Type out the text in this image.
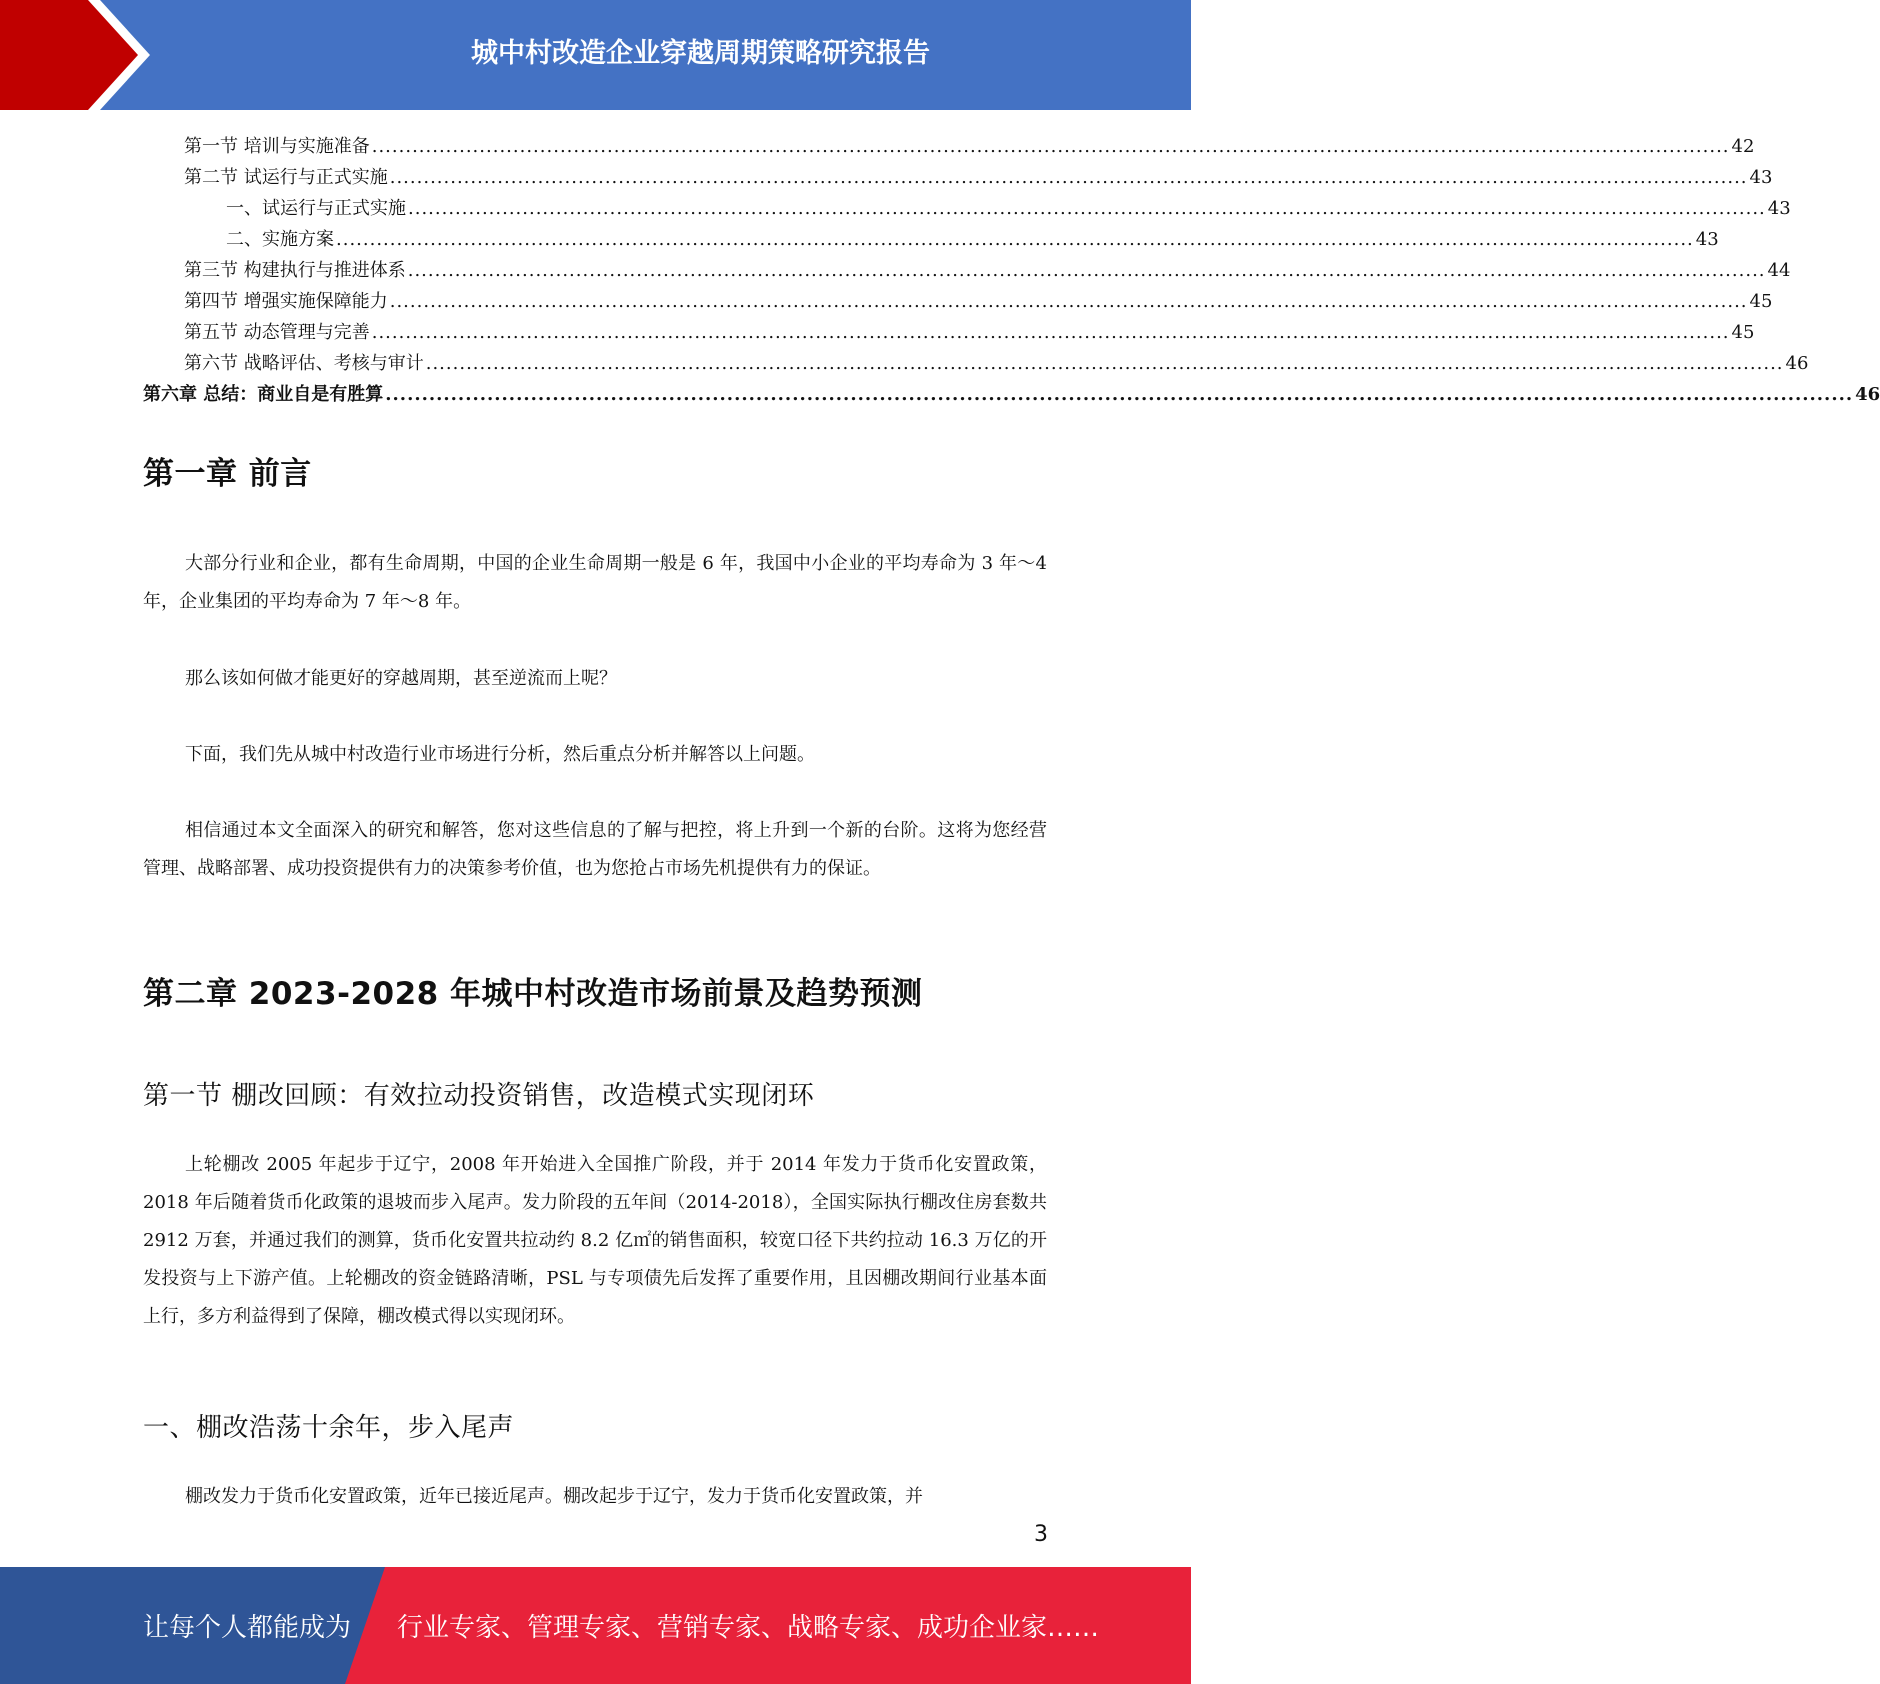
城中村改造企业穿越周期策略研究报告
第一节 培训与实施准备 .......................................................................................................................................................................................................... 42
第二节 试运行与正式实施 .......................................................................................................................................................................................................... 43
一、试运行与正式实施 .......................................................................................................................................................................................................... 43
二、实施方案 .......................................................................................................................................................................................................... 43
第三节 构建执行与推进体系 .......................................................................................................................................................................................................... 44
第四节 增强实施保障能力 .......................................................................................................................................................................................................... 45
第五节 动态管理与完善 .......................................................................................................................................................................................................... 45
第六节 战略评估、考核与审计 .......................................................................................................................................................................................................... 46
第六章 总结：商业自是有胜算 .......................................................................................................................................................................................................... 46
第一章 前言
大部分行业和企业，都有生命周期，中国的企业生命周期一般是 6 年，我国中小企业的平均寿命为 3 年～4 年，企业集团的平均寿命为 7 年～8 年。
那么该如何做才能更好的穿越周期，甚至逆流而上呢？
下面，我们先从城中村改造行业市场进行分析，然后重点分析并解答以上问题。
相信通过本文全面深入的研究和解答，您对这些信息的了解与把控，将上升到一个新的台阶。这将为您经营管理、战略部署、成功投资提供有力的决策参考价值，也为您抢占市场先机提供有力的保证。
第二章 2023-2028 年城中村改造市场前景及趋势预测
第一节 棚改回顾：有效拉动投资销售，改造模式实现闭环
上轮棚改 2005 年起步于辽宁，2008 年开始进入全国推广阶段，并于 2014 年发力于货币化安置政策，2018 年后随着货币化政策的退坡而步入尾声。发力阶段的五年间（2014-2018），全国实际执行棚改住房套数共 2912 万套，并通过我们的测算，货币化安置共拉动约 8.2 亿㎡的销售面积，较宽口径下共约拉动 16.3 万亿的开发投资与上下游产值。上轮棚改的资金链路清晰，PSL 与专项债先后发挥了重要作用，且因棚改期间行业基本面上行，多方利益得到了保障，棚改模式得以实现闭环。
一、棚改浩荡十余年，步入尾声
棚改发力于货币化安置政策，近年已接近尾声。棚改起步于辽宁，发力于货币化安置政策，并
3
让每个人都能成为 行业专家、管理专家、营销专家、战略专家、成功企业家……
